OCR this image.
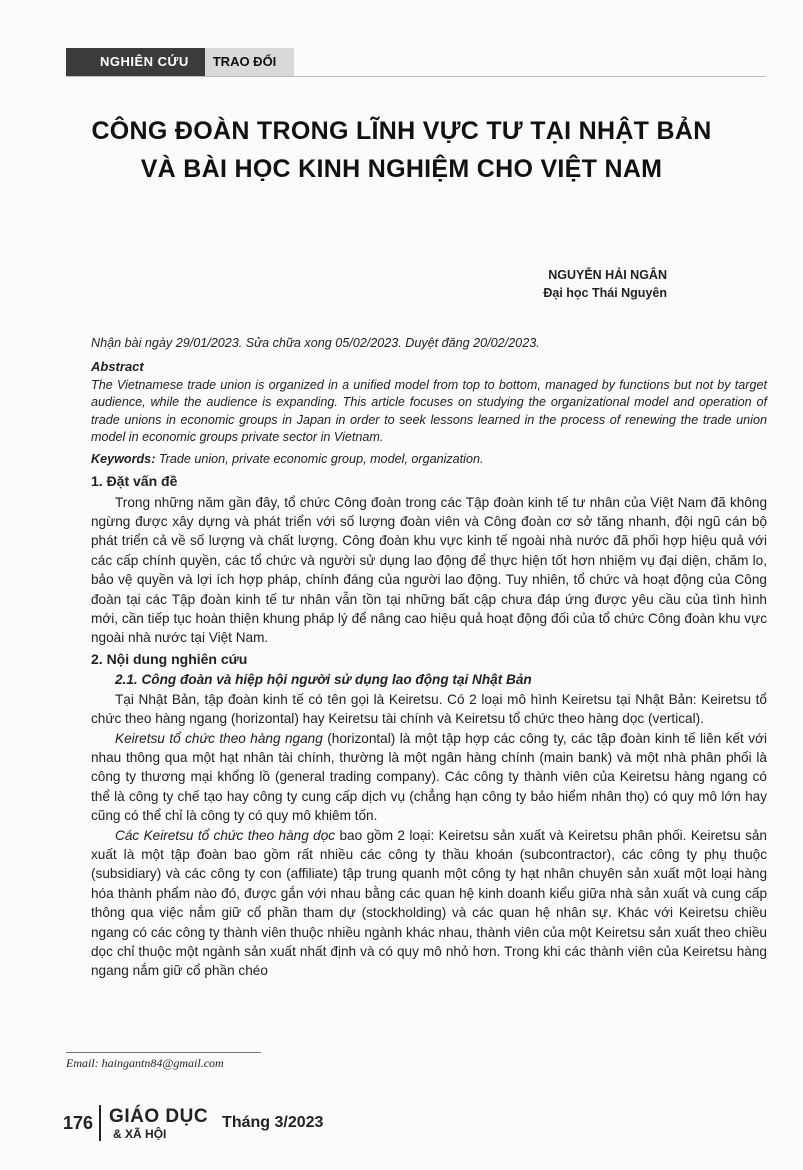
NGHIÊN CỨU	TRAO ĐỔI
CÔNG ĐOÀN TRONG LĨNH VỰC TƯ TẠI NHẬT BẢN
VÀ BÀI HỌC KINH NGHIỆM CHO VIỆT NAM
NGUYỄN HẢI NGÂN
Đại học Thái Nguyên

Nhận bài ngày 29/01/2023. Sửa chữa xong 05/02/2023. Duyệt đăng 20/02/2023.

Abstract

The Vietnamese trade union is organized in a unified model from top to bottom, managed by functions but not by target audience, while the audience is expanding. This article focuses on studying the organizational model and operation of trade unions in economic groups in Japan in order to seek lessons learned in the process of renewing the trade union model in economic groups private sector in Vietnam.

Keywords: Trade union, private economic group, model, organization.

1. Đặt vấn đề

Trong những năm gần đây, tổ chức Công đoàn trong các Tập đoàn kinh tế tư nhân của Việt Nam đã không ngừng được xây dựng và phát triển với số lượng đoàn viên và Công đoàn cơ sở tăng nhanh, đội ngũ cán bộ phát triển cả về số lượng và chất lượng. Công đoàn khu vực kinh tế ngoài nhà nước đã phối hợp hiệu quả với các cấp chính quyền, các tổ chức và người sử dụng lao động để thực hiện tốt hơn nhiệm vụ đại diện, chăm lo, bảo vệ quyền và lợi ích hợp pháp, chính đáng của người lao động. Tuy nhiên, tổ chức và hoạt động của Công đoàn tại các Tập đoàn kinh tế tư nhân vẫn tồn tại những bất cập chưa đáp ứng được yêu cầu của tình hình mới, cần tiếp tục hoàn thiện khung pháp lý để nâng cao hiệu quả hoạt động đối của tổ chức Công đoàn khu vực ngoài nhà nước tại Việt Nam.

2. Nội dung nghiên cứu

2.1. Công đoàn và hiệp hội người sử dụng lao động tại Nhật Bản

Tại Nhật Bản, tập đoàn kinh tế có tên gọi là Keiretsu. Có 2 loại mô hình Keiretsu tại Nhật Bản: Keiretsu tổ chức theo hàng ngang (horizontal) hay Keiretsu tài chính và Keiretsu tổ chức theo hàng dọc (vertical).

Keiretsu tổ chức theo hàng ngang (horizontal) là một tập hợp các công ty, các tập đoàn kinh tế liên kết với nhau thông qua một hạt nhân tài chính, thường là một ngân hàng chính (main bank) và một nhà phân phối là công ty thương mại khổng lồ (general trading company). Các công ty thành viên của Keiretsu hàng ngang có thể là công ty chế tạo hay công ty cung cấp dịch vụ (chẳng hạn công ty bảo hiểm nhân thọ) có quy mô lớn hay cũng có thể chỉ là công ty có quy mô khiêm tốn.

Các Keiretsu tổ chức theo hàng dọc bao gồm 2 loại: Keiretsu sản xuất và Keiretsu phân phối. Keiretsu sản xuất là một tập đoàn bao gồm rất nhiều các công ty thầu khoán (subcontractor), các công ty phụ thuộc (subsidiary) và các công ty con (affiliate) tập trung quanh một công ty hạt nhân chuyên sản xuất một loại hàng hóa thành phẩm nào đó, được gắn với nhau bằng các quan hệ kinh doanh kiểu giữa nhà sản xuất và cung cấp thông qua việc nắm giữ cổ phần tham dự (stockholding) và các quan hệ nhân sự. Khác với Keiretsu chiều ngang có các công ty thành viên thuộc nhiều ngành khác nhau, thành viên của một Keiretsu sản xuất theo chiều dọc chỉ thuộc một ngành sản xuất nhất định và có quy mô nhỏ hơn. Trong khi các thành viên của Keiretsu hàng ngang nắm giữ cổ phần chéo

Email: haingantn84@gmail.com
176 GIÁO DỤC
& XÃ HỘI
Tháng 3/2023
